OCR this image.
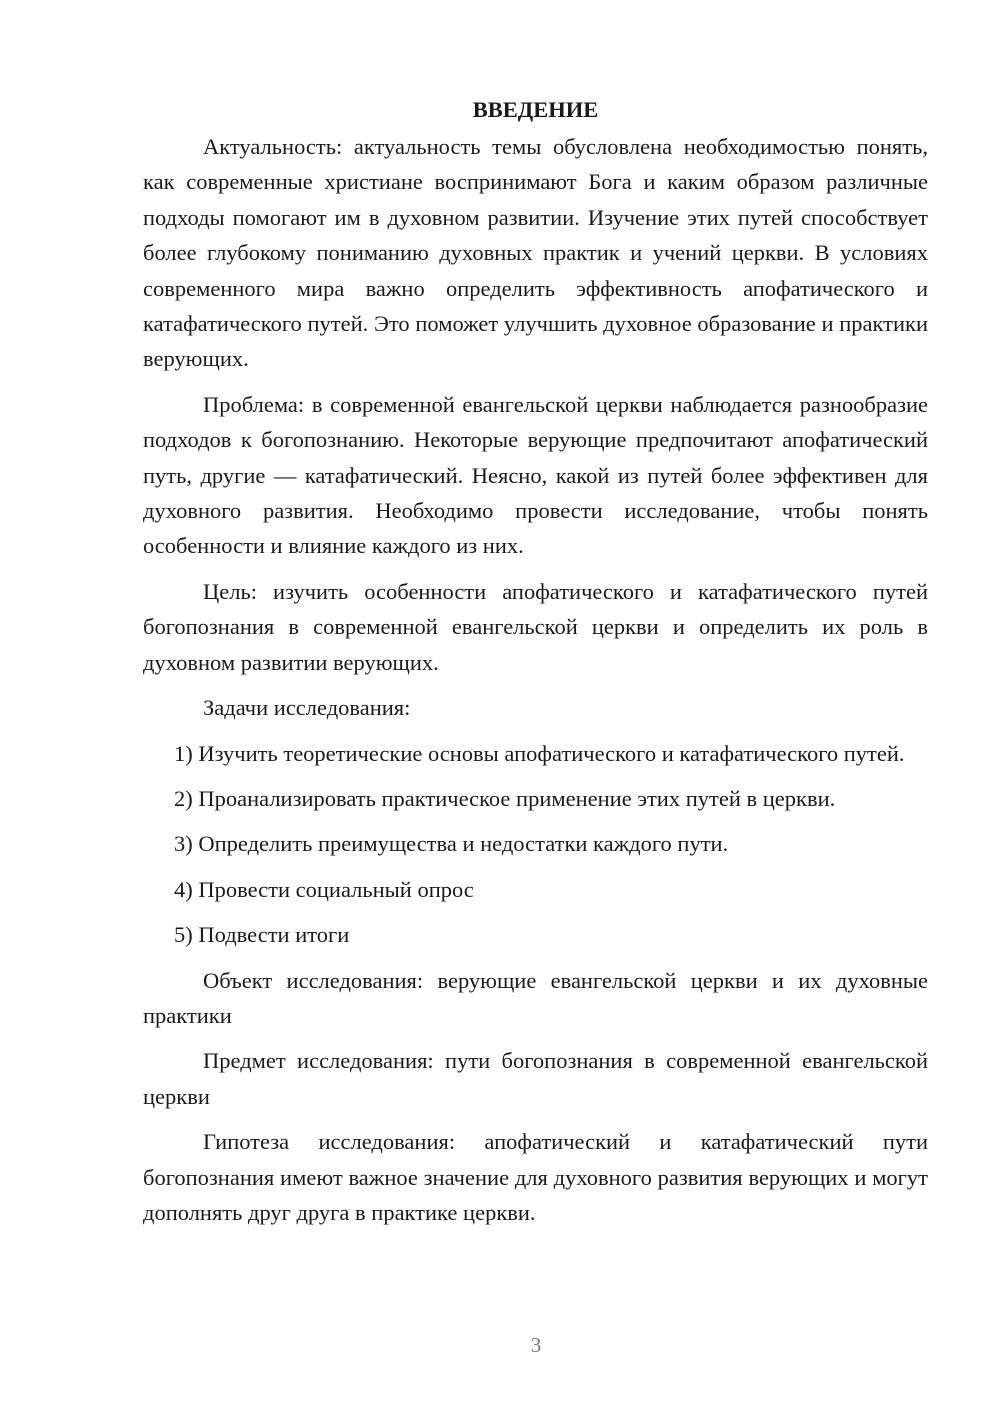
ВВЕДЕНИЕ

Актуальность: актуальность темы обусловлена необходимостью понять, как современные христиане воспринимают Бога и каким образом различные подходы помогают им в духовном развитии. Изучение этих путей способствует более глубокому пониманию духовных практик и учений церкви. В условиях современного мира важно определить эффективность апофатического и катафатического путей. Это поможет улучшить духовное образование и практики верующих.

Проблема: в современной евангельской церкви наблюдается разнообразие подходов к богопознанию. Некоторые верующие предпочитают апофатический путь, другие — катафатический. Неясно, какой из путей более эффективен для духовного развития. Необходимо провести исследование, чтобы понять особенности и влияние каждого из них.

Цель: изучить особенности апофатического и катафатического путей богопознания в современной евангельской церкви и определить их роль в духовном развитии верующих.

Задачи исследования:

1) Изучить теоретические основы апофатического и катафатического путей.

2) Проанализировать практическое применение этих путей в церкви.

3) Определить преимущества и недостатки каждого пути.

4) Провести социальный опрос

5) Подвести итоги

Объект исследования: верующие евангельской церкви и их духовные практики

Предмет исследования: пути богопознания в современной евангельской церкви

Гипотеза исследования: апофатический и катафатический пути богопознания имеют важное значение для духовного развития верующих и могут дополнять друг друга в практике церкви.

3
